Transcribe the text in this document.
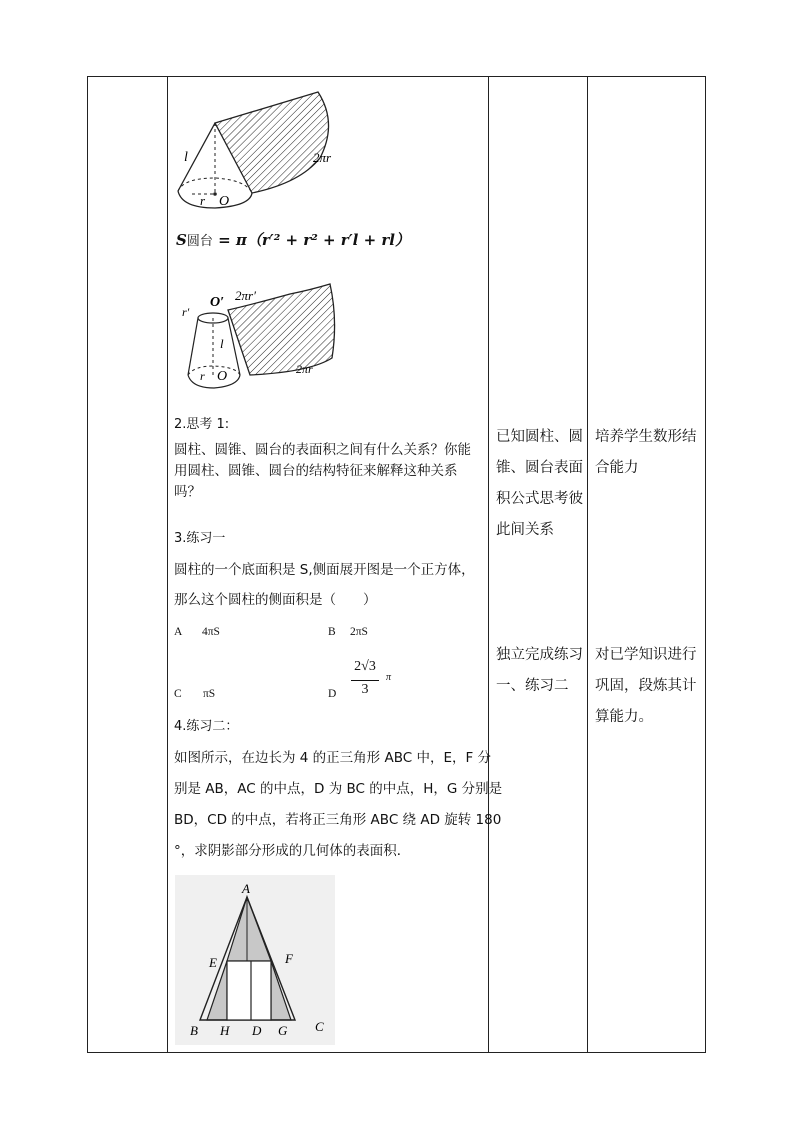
l
r O
2πr
S圆台 = π（r′² + r² + r′l + rl）
O′
r′
2πr′
l
r O	2πr
2.思考 1:
圆柱、圆锥、圆台的表面积之间有什么关系？你能
用圆柱、圆锥、圆台的结构特征来解释这种关系
吗？
3.练习一
圆柱的一个底面积是 S,侧面展开图是一个正方体，
那么这个圆柱的侧面积是（　　）
A 4πS	B 2πS
C πS	D
2√3
3
π
4.练习二：
如图所示，在边长为 4 的正三角形 ABC 中，E，F 分
别是 AB，AC 的中点，D 为 BC 的中点，H，G 分别是
BD，CD 的中点，若将正三角形 ABC 绕 AD 旋转 180
°，求阴影部分形成的几何体的表面积．
A
E	F
B H D G C
已知圆柱、圆
锥、圆台表面
积公式思考彼
此间关系
独立完成练习
一、练习二
培养学生数形结
合能力
对已学知识进行
巩固，段炼其计
算能力。
